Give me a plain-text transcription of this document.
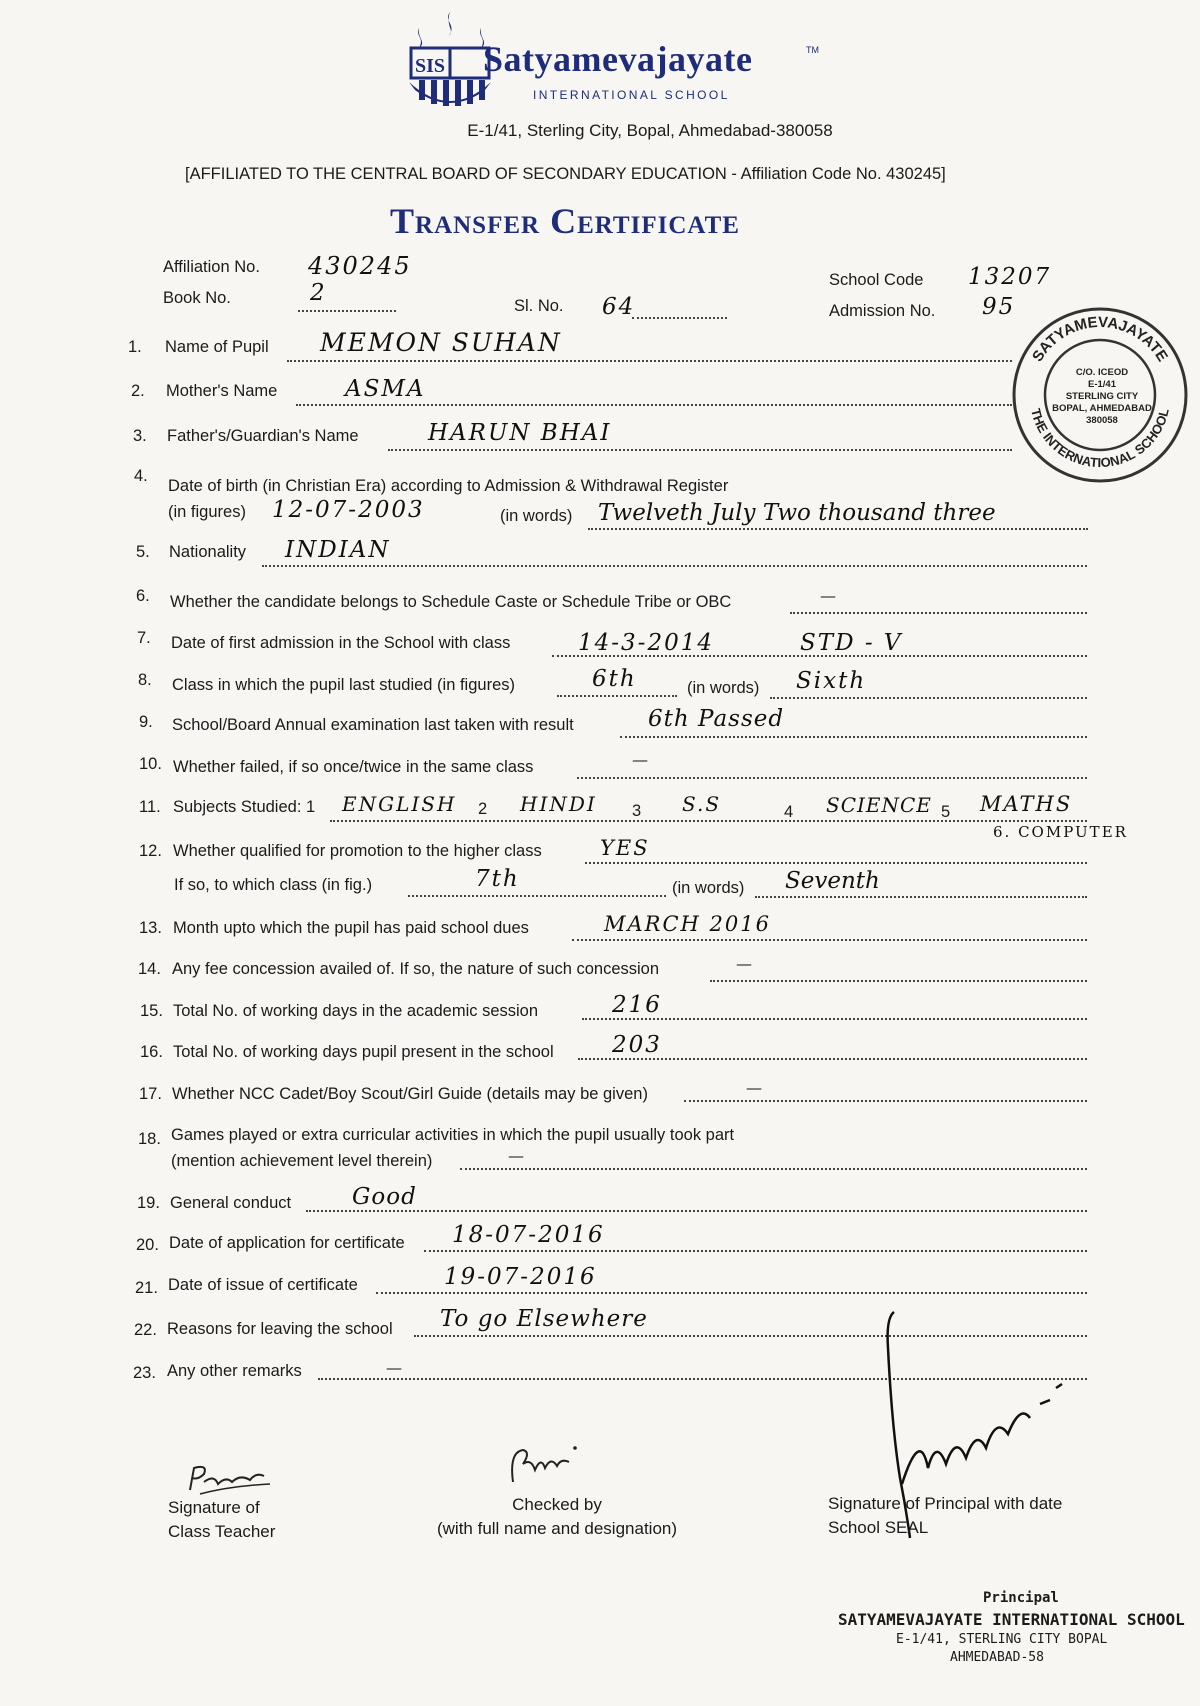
SIS Satyamevajayate	TM
INTERNATIONAL SCHOOL
E-1/41, Sterling City, Bopal, Ahmedabad-380058
[AFFILIATED TO THE CENTRAL BOARD OF SECONDARY EDUCATION - Affiliation Code No. 430245]
Transfer Certificate
Affiliation No. 430245
Book No.	2	Sl. No. 64
School Code 13207
Admission No. 95
SATYAMEVAJAYATE
THE INTERNATIONAL SCHOOL
C/O. ICEOD
E-1/41
STERLING CITY
BOPAL, AHMEDABAD
380058
1. Name of Pupil MEMON SUHAN
2. Mother's Name	ASMA
3. Father's/Guardian's Name	HARUN BHAI
4.
Date of birth (in Christian Era) according to Admission & Withdrawal Register
(in figures) 12-07-2003	(in words) Twelveth July Two thousand three
5. Nationality INDIAN
6. Whether the candidate belongs to Schedule Caste or Schedule Tribe or OBC	—
7. Date of first admission in the School with class	14-3-2014	STD - V
8. Class in which the pupil last studied (in figures)	6th	(in words) Sixth
9. School/Board Annual examination last taken with result	6th Passed
10. Whether failed, if so once/twice in the same class	—
11. Subjects Studied: 1 ENGLISH 2 HINDI 3 S.S	4 SCIENCE 5 MATHS
6. COMPUTER
12. Whether qualified for promotion to the higher class	YES
If so, to which class (in fig.)	7th	(in words) Seventh
13. Month upto which the pupil has paid school dues	MARCH 2016
14. Any fee concession availed of. If so, the nature of such concession	—
15. Total No. of working days in the academic session	216
16. Total No. of working days pupil present in the school	203
17. Whether NCC Cadet/Boy Scout/Girl Guide (details may be given)	—
18. Games played or extra curricular activities in which the pupil usually took part
(mention achievement level therein)	—
19. General conduct	Good
20. Date of application for certificate 18-07-2016
21. Date of issue of certificate	19-07-2016
22. Reasons for leaving the school To go Elsewhere
23. Any other remarks	—
Signature of
Class Teacher
Checked by
(with full name and designation)
Signature of Principal with date
School SEAL
Principal
SATYAMEVAJAYATE INTERNATIONAL SCHOOL
E-1/41, STERLING CITY BOPAL
AHMEDABAD-58
